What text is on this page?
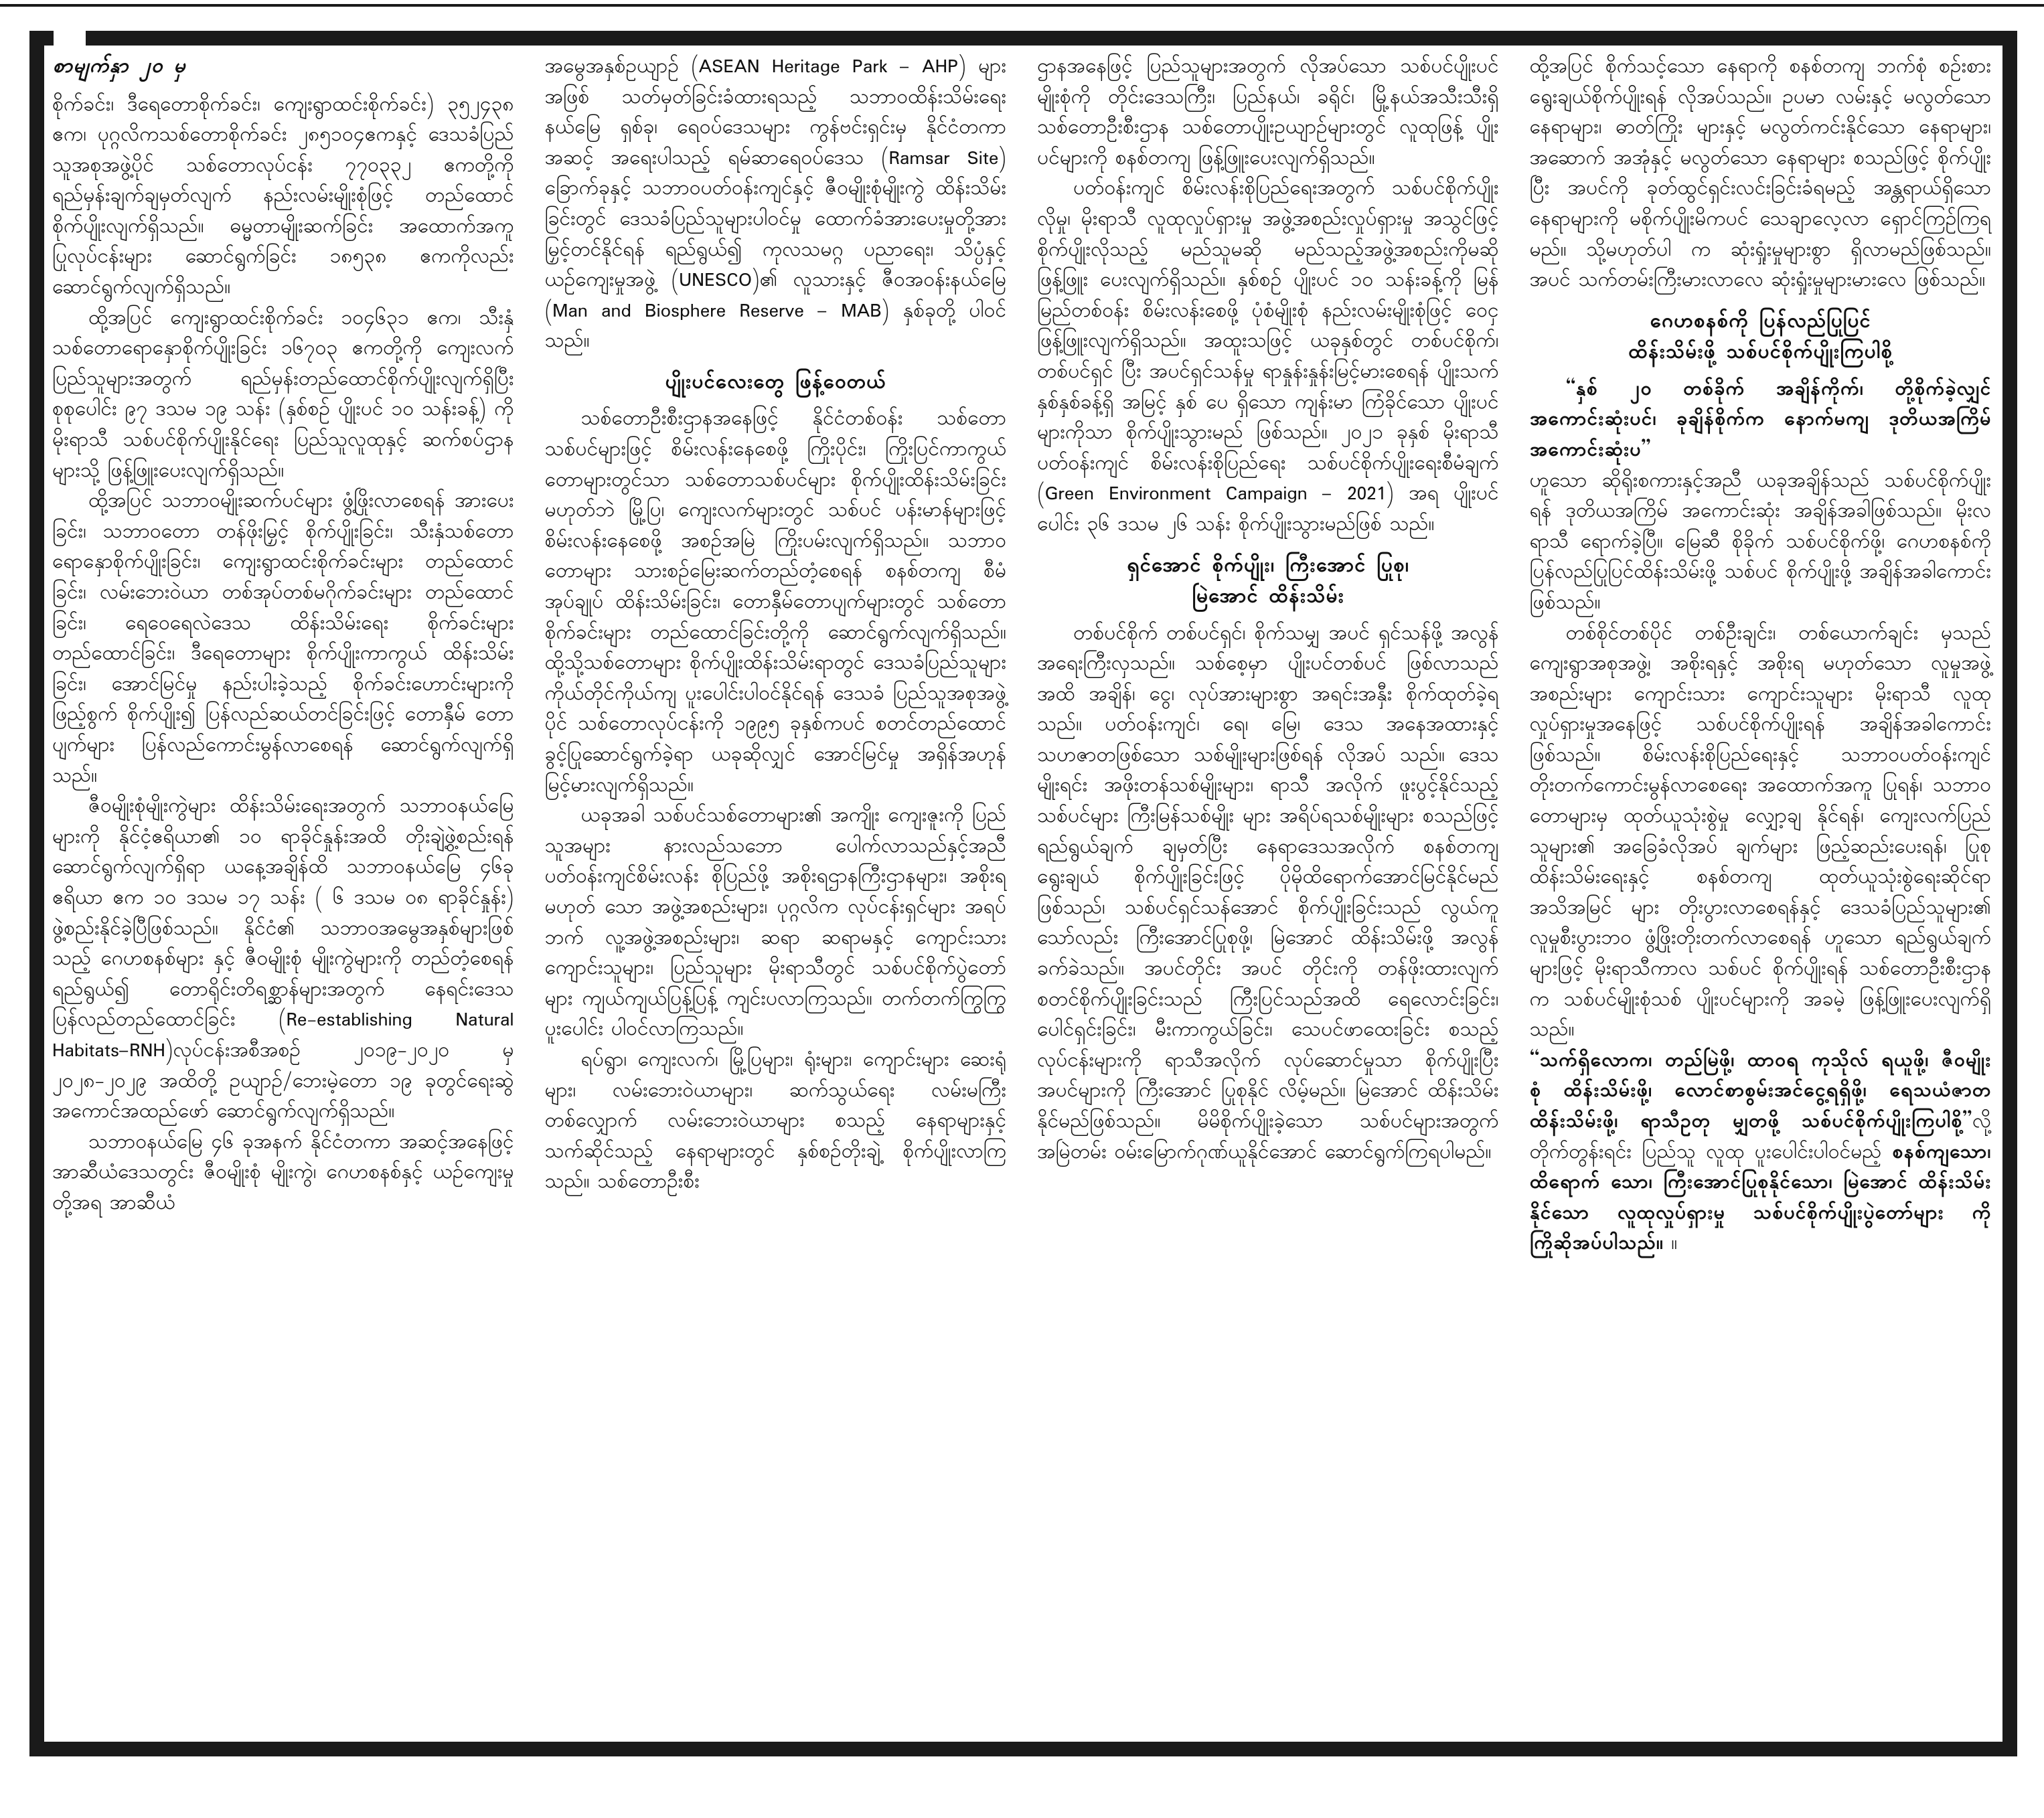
စာမျက်နှာ ၂၀ မှ

စိုက်ခင်း၊ ဒီရေတောစိုက်ခင်း၊ ကျေးရွာထင်းစိုက်ခင်း) ၃၅၂၄၃၈ ဧက၊ ပုဂ္ဂလိကသစ်တောစိုက်ခင်း ၂၈၅၁၀၄ဧကနှင့် ဒေသခံပြည်သူအစုအဖွဲ့ပိုင် သစ်တောလုပ်ငန်း ၇၇၀၃၃၂ ဧကတို့ကို ရည်မှန်းချက်ချမှတ်လျက် နည်းလမ်းမျိုးစုံဖြင့် တည်ထောင်စိုက်ပျိုးလျက်ရှိသည်။ ဓမ္မတာမျိုးဆက်ခြင်း အထောက်အကူပြုလုပ်ငန်းများ ဆောင်ရွက်ခြင်း ၁၈၅၃၈ ဧကကိုလည်း ဆောင်ရွက်လျက်ရှိသည်။

ထို့အပြင် ကျေးရွာထင်းစိုက်ခင်း ၁၀၄၆၃၁ ဧက၊ သီးနှံသစ်တောရောနှောစိုက်ပျိုးခြင်း ၁၆၇၀၃ ဧကတို့ကို ကျေးလက်ပြည်သူများအတွက် ရည်မှန်းတည်ထောင်စိုက်ပျိုးလျက်ရှိပြီး စုစုပေါင်း ၉၇ ဒသမ ၁၉ သန်း (နှစ်စဉ် ပျိုးပင် ၁၀ သန်းခန့်) ကို မိုးရာသီ သစ်ပင်စိုက်ပျိုးနိုင်ရေး ပြည်သူလူထုနှင့် ဆက်စပ်ဌာနများသို့ ဖြန့်ဖြူးပေးလျက်ရှိသည်။

ထို့အပြင် သဘာဝမျိုးဆက်ပင်များ ဖွံ့ဖြိုးလာစေရန် အားပေးခြင်း၊ သဘာဝတော တန်ဖိုးမြှင့် စိုက်ပျိုးခြင်း၊ သီးနှံသစ်တော ရောနှောစိုက်ပျိုးခြင်း၊ ကျေးရွာထင်းစိုက်ခင်းများ တည်ထောင်ခြင်း၊ လမ်းဘေးဝဲယာ တစ်အုပ်တစ်မဂိုက်ခင်းများ တည်ထောင်ခြင်း၊ ရေဝေရေလဲဒေသ ထိန်းသိမ်းရေး စိုက်ခင်းများ တည်ထောင်ခြင်း၊ ဒီရေတောများ စိုက်ပျိုးကာကွယ် ထိန်းသိမ်းခြင်း၊ အောင်မြင်မှု နည်းပါးခဲ့သည့် စိုက်ခင်းဟောင်းများကို ဖြည့်စွက် စိုက်ပျိုး၍ ပြန်လည်ဆယ်တင်ခြင်းဖြင့် တောနှီမ် တောပျက်များ ပြန်လည်ကောင်းမွန်လာစေရန် ဆောင်ရွက်လျက်ရှိသည်။

ဇီဝမျိုးစုံမျိုးကွဲများ ထိန်းသိမ်းရေးအတွက် သဘာဝနယ်မြေများကို နိုင်ငံ့ဧရိယာ၏ ၁၀ ရာခိုင်နှုန်းအထိ တိုးချဲ့ဖွဲ့စည်းရန် ဆောင်ရွက်လျက်ရှိရာ ယနေ့အချိန်ထိ သဘာဝနယ်မြေ ၄၆ခု ဧရိယာ ဧက ၁၀ ဒသမ ၁၇ သန်း ( ၆ ဒသမ ၀၈ ရာခိုင်နှုန်း) ဖွဲ့စည်းနိုင်ခဲ့ပြီဖြစ်သည်။ နိုင်ငံ၏ သဘာဝအမွေအနှစ်များဖြစ်သည့် ဂေဟစနစ်များ နှင့် ဇီဝမျိုးစုံ မျိုးကွဲများကို တည်တံ့စေရန် ရည်ရွယ်၍ တောရိုင်းတိရစ္ဆာန်များအတွက် နေရင်းဒေသ ပြန်လည်တည်ထောင်ခြင်း (Re-establishing Natural Habitats–RNH)လုပ်ငန်းအစီအစဉ် ၂၀၁၉-၂၀၂၀ မှ ၂၀၂၈-၂၀၂၉ အထိတို့ ဥယျာဉ်/ဘေးမဲ့တော ၁၉ ခုတွင်ရေးဆွဲအကောင်အထည်ဖော် ဆောင်ရွက်လျက်ရှိသည်။

သဘာဝနယ်မြေ ၄၆ ခုအနက် နိုင်ငံတကာ အဆင့်အနေဖြင့် အာဆီယံဒေသတွင်း ဇီဝမျိုးစုံ မျိုးကွဲ၊ ဂေဟစနစ်နှင့် ယဉ်ကျေးမှုတို့အရ အာဆီယံ

အမွေအနှစ်ဥယျာဉ် (ASEAN Heritage Park – AHP) များအဖြစ် သတ်မှတ်ခြင်းခံထားရသည့် သဘာဝထိန်းသိမ်းရေးနယ်မြေ ရှစ်ခု၊ ရေဝပ်ဒေသများ ကွန်ဗင်းရှင်းမှ နိုင်ငံတကာအဆင့် အရေးပါသည့် ရမ်ဆာရေဝပ်ဒေသ (Ramsar Site) ခြောက်ခုနှင့် သဘာဝပတ်ဝန်းကျင်နှင့် ဇီဝမျိုးစုံမျိုးကွဲ ထိန်းသိမ်းခြင်းတွင် ဒေသခံပြည်သူများပါဝင်မှု ထောက်ခံအားပေးမှုတို့အား မြှင့်တင်နိုင်ရန် ရည်ရွယ်၍ ကုလသမဂ္ဂ ပညာရေး၊ သိပ္ပံနှင့် ယဉ်ကျေးမှုအဖွဲ့ (UNESCO)၏ လူသားနှင့် ဇီဝအဝန်းနယ်မြေ (Man and Biosphere Reserve – MAB) နှစ်ခုတို့ ပါဝင်သည်။

ပျိုးပင်လေးတွေ ဖြန့်ဝေတယ်

သစ်တောဦးစီးဌာနအနေဖြင့် နိုင်ငံတစ်ဝန်း သစ်တောသစ်ပင်များဖြင့် စိမ်းလန်းနေစေဖို့ ကြိုးပိုင်း၊ ကြိုးပြင်ကာကွယ်တောများတွင်သာ သစ်တောသစ်ပင်များ စိုက်ပျိုးထိန်းသိမ်းခြင်း မဟုတ်ဘဲ မြို့ပြ၊ ကျေးလက်များတွင် သစ်ပင် ပန်းမာန်များဖြင့် စိမ်းလန်းနေစေဖို့ အစဉ်အမြဲ ကြိုးပမ်းလျက်ရှိသည်။ သဘာဝတောများ သားစဉ်မြေးဆက်တည်တံ့စေရန် စနစ်တကျ စီမံအုပ်ချုပ် ထိန်းသိမ်းခြင်း၊ တောနှီမ်တောပျက်များတွင် သစ်တောစိုက်ခင်းများ တည်ထောင်ခြင်းတို့ကို ဆောင်ရွက်လျက်ရှိသည်။ ထို့သို့သစ်တောများ စိုက်ပျိုးထိန်းသိမ်းရာတွင် ဒေသခံပြည်သူများကိုယ်တိုင်ကိုယ်ကျ ပူးပေါင်းပါဝင်နိုင်ရန် ဒေသခံ ပြည်သူအစုအဖွဲ့ပိုင် သစ်တောလုပ်ငန်းကို ၁၉၉၅ ခုနှစ်ကပင် စတင်တည်ထောင်ခွင့်ပြုဆောင်ရွက်ခဲ့ရာ ယခုဆိုလျှင် အောင်မြင်မှု အရှိန်အဟုန် မြင့်မားလျက်ရှိသည်။

ယခုအခါ သစ်ပင်သစ်တောများ၏ အကျိုး ကျေးဇူးကို ပြည်သူအများ နားလည်သဘော ပေါက်လာသည်နှင့်အညီ ပတ်ဝန်းကျင်စိမ်းလန်း စိုပြည်ဖို့ အစိုးရဌာနကြီးဌာနများ၊ အစိုးရ မဟုတ် သော အဖွဲ့အစည်းများ၊ ပုဂ္ဂလိက လုပ်ငန်းရှင်များ အရပ်ဘက် လူ့အဖွဲ့အစည်းများ၊ ဆရာ ဆရာမနှင့် ကျောင်းသား ကျောင်းသူများ၊ ပြည်သူများ မိုးရာသီတွင် သစ်ပင်စိုက်ပွဲတော်များ ကျယ်ကျယ်ပြန့်ပြန့် ကျင်းပလာကြသည်။ တက်တက်ကြွကြွ ပူးပေါင်း ပါဝင်လာကြသည်။

ရပ်ရွာ၊ ကျေးလက်၊ မြို့ပြများ၊ ရုံးများ၊ ကျောင်းများ ဆေးရုံများ၊ လမ်းဘေးဝဲယာများ၊ ဆက်သွယ်ရေး လမ်းမကြီးတစ်လျှောက် လမ်းဘေးဝဲယာများ စသည့် နေရာများနှင့် သက်ဆိုင်သည့် နေရာများတွင် နှစ်စဉ်တိုးချဲ့ စိုက်ပျိုးလာကြသည်။ သစ်တောဦးစီး

ဌာနအနေဖြင့် ပြည်သူများအတွက် လိုအပ်သော သစ်ပင်ပျိုးပင်မျိုးစုံကို တိုင်းဒေသကြီး၊ ပြည်နယ်၊ ခရိုင်၊ မြို့နယ်အသီးသီးရှိ သစ်တောဦးစီးဌာန သစ်တောပျိုးဥယျာဉ်များတွင် လူထုဖြန့် ပျိုးပင်များကို စနစ်တကျ ဖြန့်ဖြူးပေးလျက်ရှိသည်။

ပတ်ဝန်းကျင် စိမ်းလန်းစိုပြည်ရေးအတွက် သစ်ပင်စိုက်ပျိုးလိုမှု၊ မိုးရာသီ လူထုလှုပ်ရှားမှု အဖွဲ့အစည်းလှုပ်ရှားမှု အသွင်ဖြင့် စိုက်ပျိုးလိုသည့် မည်သူမဆို မည်သည့်အဖွဲ့အစည်းကိုမဆို ဖြန့်ဖြူး ပေးလျက်ရှိသည်။ နှစ်စဉ် ပျိုးပင် ၁၀ သန်းခန့်ကို မြန်မြည်တစ်ဝန်း စိမ်းလန်းစေဖို့ ပုံစံမျိုးစုံ နည်းလမ်းမျိုးစုံဖြင့် ဝေငှဖြန့်ဖြူးလျက်ရှိသည်။ အထူးသဖြင့် ယခုနှစ်တွင် တစ်ပင်စိုက်၊ တစ်ပင်ရှင် ပြီး အပင်ရှင်သန်မှု ရာနှုန်းနှုန်းမြင့်မားစေရန် ပျိုးသက် နှစ်နှစ်ခန့်ရှိ အမြင့် နှစ် ပေ ရှိသော ကျန်းမာ ကြံခိုင်သော ပျိုးပင်များကိုသာ စိုက်ပျိုးသွားမည် ဖြစ်သည်။ ၂၀၂၁ ခုနှစ် မိုးရာသီ ပတ်ဝန်းကျင် စိမ်းလန်းစိုပြည်ရေး သစ်ပင်စိုက်ပျိုးရေးစီမံချက် (Green Environment Campaign – 2021) အရ ပျိုးပင်ပေါင်း ၃၆ ဒသမ ၂၆ သန်း စိုက်ပျိုးသွားမည်ဖြစ် သည်။

ရှင်အောင် စိုက်ပျိုး၊ ကြီးအောင် ပြုစု၊
မြဲအောင် ထိန်းသိမ်း

တစ်ပင်စိုက် တစ်ပင်ရှင်၊ စိုက်သမျှ အပင် ရှင်သန်ဖို့ အလွန်အရေးကြီးလှသည်။ သစ်စေ့မှာ ပျိုးပင်တစ်ပင် ဖြစ်လာသည်အထိ အချိန်၊ ငွေ၊ လုပ်အားများစွာ အရင်းအနှီး စိုက်ထုတ်ခဲ့ရသည်။ ပတ်ဝန်းကျင်၊ ရေ၊ မြေ၊ ဒေသ အနေအထားနှင့် သဟဇာတဖြစ်သော သစ်မျိုးများဖြစ်ရန် လိုအပ် သည်။ ဒေသမျိုးရင်း အဖိုးတန်သစ်မျိုးများ၊ ရာသီ အလိုက် ဖူးပွင့်နိုင်သည့် သစ်ပင်များ ကြီးမြန်သစ်မျိုး များ အရိပ်ရသစ်မျိုးများ စသည်ဖြင့် ရည်ရွယ်ချက် ချမှတ်ပြီး နေရာဒေသအလိုက် စနစ်တကျ ရွေးချယ် စိုက်ပျိုးခြင်းဖြင့် ပိုမိုထိရောက်အောင်မြင်နိုင်မည် ဖြစ်သည်၊ သစ်ပင်ရှင်သန်အောင် စိုက်ပျိုးခြင်းသည် လွယ်ကူသော်လည်း ကြီးအောင်ပြုစုဖို့၊ မြဲအောင် ထိန်းသိမ်းဖို့ အလွန်ခက်ခဲသည်။ အပင်တိုင်း အပင် တိုင်းကို တန်ဖိုးထားလျက် စတင်စိုက်ပျိုးခြင်းသည် ကြီးပြင်သည်အထိ ရေလောင်းခြင်း၊ ပေါင်ရှင်းခြင်း၊ မီးကာကွယ်ခြင်း၊ သေပင်ဖာထေးခြင်း စသည့် လုပ်ငန်းများကို ရာသီအလိုက် လုပ်ဆောင်မှုသာ စိုက်ပျိုးပြီး အပင်များကို ကြီးအောင် ပြုစုနိုင် လိမ့်မည်။ မြဲအောင် ထိန်းသိမ်းနိုင်မည်ဖြစ်သည်။ မိမိစိုက်ပျိုးခဲ့သော သစ်ပင်များအတွက် အမြဲတမ်း ဝမ်းမြောက်ဂုဏ်ယူနိုင်အောင် ဆောင်ရွက်ကြရပါမည်။

ထို့အပြင် စိုက်သင့်သော နေရာကို စနစ်တကျ ဘက်စုံ စဉ်းစားရွေးချယ်စိုက်ပျိုးရန် လိုအပ်သည်။ ဥပမာ လမ်းနှင့် မလွတ်သော နေရာများ၊ ဓာတ်ကြိုး များနှင့် မလွတ်ကင်းနိုင်သော နေရာများ၊ အဆောက် အအုံနှင့် မလွတ်သော နေရာများ စသည်ဖြင့် စိုက်ပျိုးပြီး အပင်ကို ခုတ်ထွင်ရှင်းလင်းခြင်းခံရမည့် အန္တရာယ်ရှိသော နေရာများကို မစိုက်ပျိုးမိကပင် သေချာလေ့လာ ရှောင်ကြဉ်ကြရမည်။ သို့မဟုတ်ပါ က ဆုံးရှုံးမှုများစွာ ရှိလာမည်ဖြစ်သည်။ အပင် သက်တမ်းကြီးမားလာလေ ဆုံးရှုံးမှုများမားလေ ဖြစ်သည်။

ဂေဟစနစ်ကို ပြန်လည်ပြုပြင်
ထိန်းသိမ်းဖို့ သစ်ပင်စိုက်ပျိုးကြပါစို့

“နှစ် ၂၀ တစ်ခိုက် အချိန်ကိုက်၊ တို့စိုက်ခဲ့လျှင် အကောင်းဆုံးပင်၊ ခုချိန်စိုက်က နောက်မကျ ဒုတိယအကြိမ် အကောင်းဆုံးပ”

ဟူသော ဆိုရိုးစကားနှင့်အညီ ယခုအချိန်သည် သစ်ပင်စိုက်ပျိုးရန် ဒုတိယအကြိမ် အကောင်းဆုံး အချိန်အခါဖြစ်သည်။ မိုးလရာသီ ရောက်ခဲ့ပြီ။ မြေဆီ စိုခိုက် သစ်ပင်စိုက်ဖို့၊ ဂေဟစနစ်ကို ပြန်လည်ပြုပြင်ထိန်းသိမ်းဖို့ သစ်ပင် စိုက်ပျိုးဖို့ အချိန်အခါကောင်း ဖြစ်သည်။

တစ်စိုင်တစ်ပိုင် တစ်ဦးချင်း၊ တစ်ယောက်ချင်း မှသည် ကျေးရွာအစုအဖွဲ့၊ အစိုးရနှင့် အစိုးရ မဟုတ်သော လူမှုအဖွဲ့အစည်းများ ကျောင်းသား ကျောင်းသူများ မိုးရာသီ လူထုလှုပ်ရှားမှုအနေဖြင့် သစ်ပင်စိုက်ပျိုးရန် အချိန်အခါကောင်းဖြစ်သည်။ စိမ်းလန်းစိုပြည်ရေးနှင့် သဘာဝပတ်ဝန်းကျင် တိုးတက်ကောင်းမွန်လာစေရေး အထောက်အကူ ပြုရန်၊ သဘာဝတောများမှ ထုတ်ယူသုံးစွဲမှု လျှော့ချ နိုင်ရန်၊ ကျေးလက်ပြည်သူများ၏ အခြေခံလိုအပ် ချက်များ ဖြည့်ဆည်းပေးရန်၊ ပြုစုထိန်းသိမ်းရေးနှင့် စနစ်တကျ ထုတ်ယူသုံးစွဲရေးဆိုင်ရာ အသိအမြင် များ တိုးပွားလာစေရန်နှင့် ဒေသခံပြည်သူများ၏ လူမှုစီးပွားဘဝ ဖွံ့ဖြိုးတိုးတက်လာစေရန် ဟူသော ရည်ရွယ်ချက်များဖြင့် မိုးရာသီကာလ သစ်ပင် စိုက်ပျိုးရန် သစ်တောဦးစီးဌာနက သစ်ပင်မျိုးစုံသစ် ပျိုးပင်များကို အခမဲ့ ဖြန့်ဖြူးပေးလျက်ရှိသည်။

“သက်ရှိလောက၊ တည်မြဲဖို့၊ ထာဝရ ကုသိုလ် ရယူဖို့၊ ဇီဝမျိုးစုံ ထိန်းသိမ်းဖို့၊ လောင်စာစွမ်းအင်ငွေ့ရရှိဖို့၊ ရေသယံဇာတ ထိန်းသိမ်းဖို့၊ ရာသီဥတု မျှတဖို့ သစ်ပင်စိုက်ပျိုးကြပါစို့”လို့ တိုက်တွန်းရင်း ပြည်သူ လူထု ပူးပေါင်းပါဝင်မည့် စနစ်ကျသော၊ ထိရောက် သော၊ ကြီးအောင်ပြုစုနိုင်သော၊ မြဲအောင် ထိန်းသိမ်း နိုင်သော လူထုလှုပ်ရှားမှု သစ်ပင်စိုက်ပျိုးပွဲတော်များ ကို ကြိုဆိုအပ်ပါသည်။ ။
